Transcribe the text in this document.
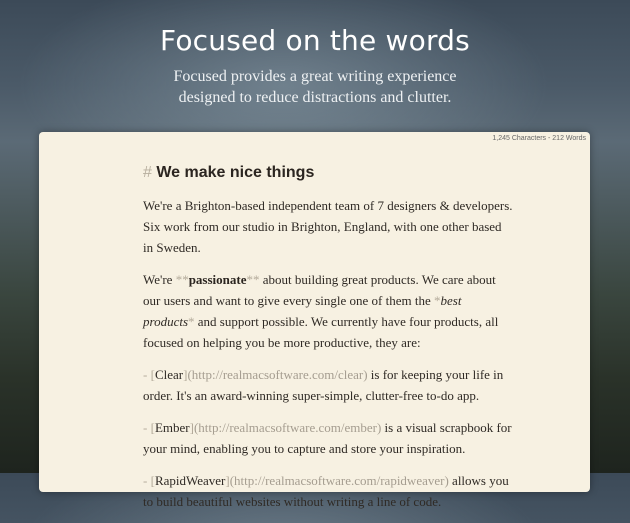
Focused on the words
Focused provides a great writing experience designed to reduce distractions and clutter.
1,245 Characters - 212 Words
# We make nice things

We're a Brighton-based independent team of 7 designers & developers. Six work from our studio in Brighton, England, with one other based in Sweden.

We're **passionate** about building great products. We care about our users and want to give every single one of them the *best products* and support possible. We currently have four products, all focused on helping you be more productive, they are:

- [Clear](http://realmacsoftware.com/clear) is for keeping your life in order. It's an award-winning super-simple, clutter-free to-do app.

- [Ember](http://realmacsoftware.com/ember) is a visual scrapbook for your mind, enabling you to capture and store your inspiration.

- [RapidWeaver](http://realmacsoftware.com/rapidweaver) allows you to build beautiful websites without writing a line of code.
